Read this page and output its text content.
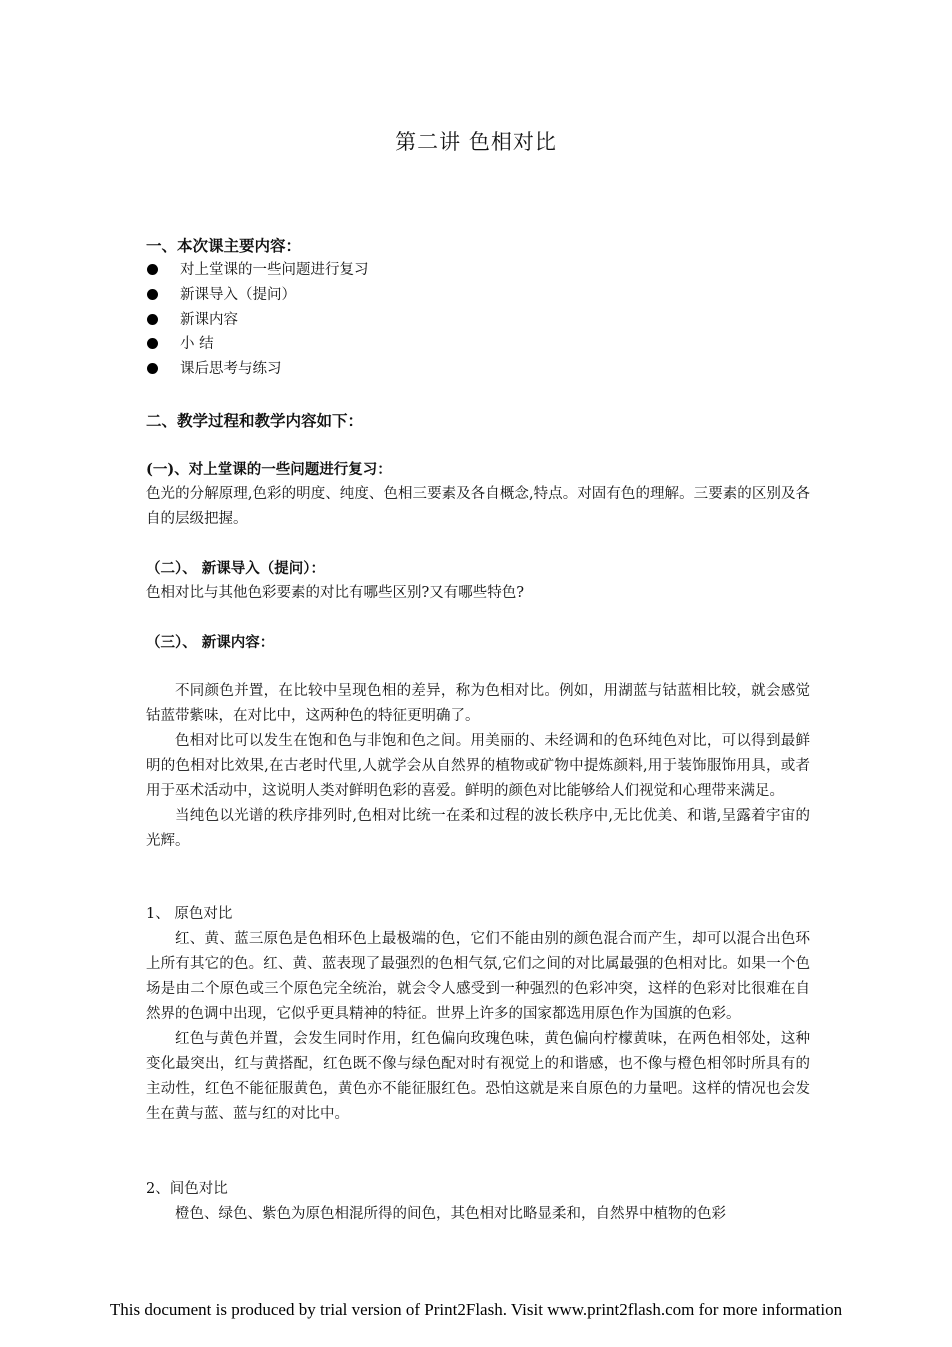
第二讲 色相对比
一、本次课主要内容：
对上堂课的一些问题进行复习
新课导入（提问）
新课内容
小 结
课后思考与练习
二、教学过程和教学内容如下：
(一)、对上堂课的一些问题进行复习：

色光的分解原理,色彩的明度、纯度、色相三要素及各自概念,特点。对固有色的理解。三要素的区别及各自的层级把握。

（二）、 新课导入（提问）：

色相对比与其他色彩要素的对比有哪些区别?又有哪些特色?

（三）、 新课内容：

不同颜色并置，在比较中呈现色相的差异，称为色相对比。例如，用湖蓝与钴蓝相比较，就会感觉钴蓝带紫味，在对比中，这两种色的特征更明确了。

色相对比可以发生在饱和色与非饱和色之间。用美丽的、未经调和的色环纯色对比，可以得到最鲜明的色相对比效果,在古老时代里,人就学会从自然界的植物或矿物中提炼颜料,用于装饰服饰用具，或者用于巫术活动中，这说明人类对鲜明色彩的喜爱。鲜明的颜色对比能够给人们视觉和心理带来满足。

当纯色以光谱的秩序排列时,色相对比统一在柔和过程的波长秩序中,无比优美、和谐,呈露着宇宙的光辉。

1、 原色对比

红、黄、蓝三原色是色相环色上最极端的色，它们不能由别的颜色混合而产生，却可以混合出色环上所有其它的色。红、黄、蓝表现了最强烈的色相气氛,它们之间的对比属最强的色相对比。如果一个色场是由二个原色或三个原色完全统治，就会令人感受到一种强烈的色彩冲突，这样的色彩对比很难在自然界的色调中出现，它似乎更具精神的特征。世界上许多的国家都选用原色作为国旗的色彩。

红色与黄色并置，会发生同时作用，红色偏向玫瑰色味，黄色偏向柠檬黄味，在两色相邻处，这种变化最突出，红与黄搭配，红色既不像与绿色配对时有视觉上的和谐感，也不像与橙色相邻时所具有的主动性，红色不能征服黄色，黄色亦不能征服红色。恐怕这就是来自原色的力量吧。这样的情况也会发生在黄与蓝、蓝与红的对比中。

2、间色对比

橙色、绿色、紫色为原色相混所得的间色，其色相对比略显柔和，自然界中植物的色彩

This document is produced by trial version of Print2Flash. Visit www.print2flash.com for more information
